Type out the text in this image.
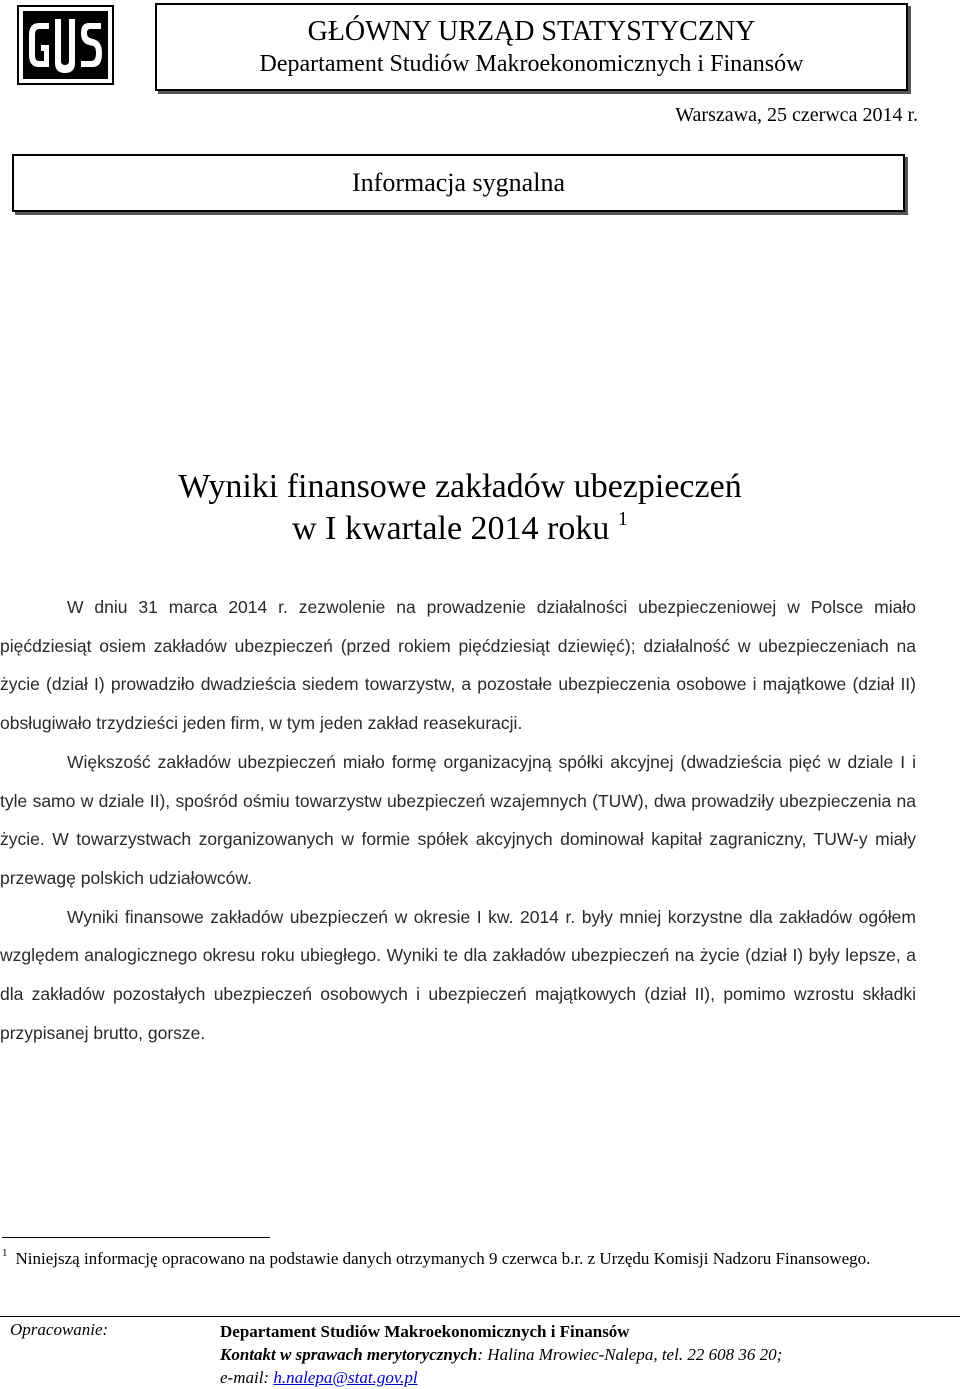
GŁÓWNY URZĄD STATYSTYCZNY
Departament Studiów Makroekonomicznych i Finansów
Warszawa, 25 czerwca 2014 r.
Informacja sygnalna
Wyniki finansowe zakładów ubezpieczeń
w I kwartale 2014 roku $^1$

W dniu 31 marca 2014 r. zezwolenie na prowadzenie działalności ubezpieczeniowej w Polsce miało pięćdziesiąt osiem zakładów ubezpieczeń (przed rokiem pięćdziesiąt dziewięć); działalność w ubezpieczeniach na życie (dział I) prowadziło dwadzieścia siedem towarzystw, a pozostałe ubezpieczenia osobowe i majątkowe (dział II) obsługiwało trzydzieści jeden firm, w tym jeden zakład reasekuracji.

Większość zakładów ubezpieczeń miało formę organizacyjną spółki akcyjnej (dwadzieścia pięć w dziale I i tyle samo w dziale II), spośród ośmiu towarzystw ubezpieczeń wzajemnych (TUW), dwa prowadziły ubezpieczenia na życie. W towarzystwach zorganizowanych w formie spółek akcyjnych dominował kapitał zagraniczny, TUW-y miały przewagę polskich udziałowców.

Wyniki finansowe zakładów ubezpieczeń w okresie I kw. 2014 r. były mniej korzystne dla zakładów ogółem względem analogicznego okresu roku ubiegłego. Wyniki te dla zakładów ubezpieczeń na życie (dział I) były lepsze, a dla zakładów pozostałych ubezpieczeń osobowych i ubezpieczeń majątkowych (dział II), pomimo wzrostu składki przypisanej brutto, gorsze.

$^1$ Niniejszą informację opracowano na podstawie danych otrzymanych 9 czerwca b.r. z Urzędu Komisji Nadzoru Finansowego.
Opracowanie:	Departament Studiów Makroekonomicznych i Finansów
Kontakt w sprawach merytorycznych: Halina Mrowiec-Nalepa, tel. 22 608 36 20;
e-mail: h.nalepa@stat.gov.pl
